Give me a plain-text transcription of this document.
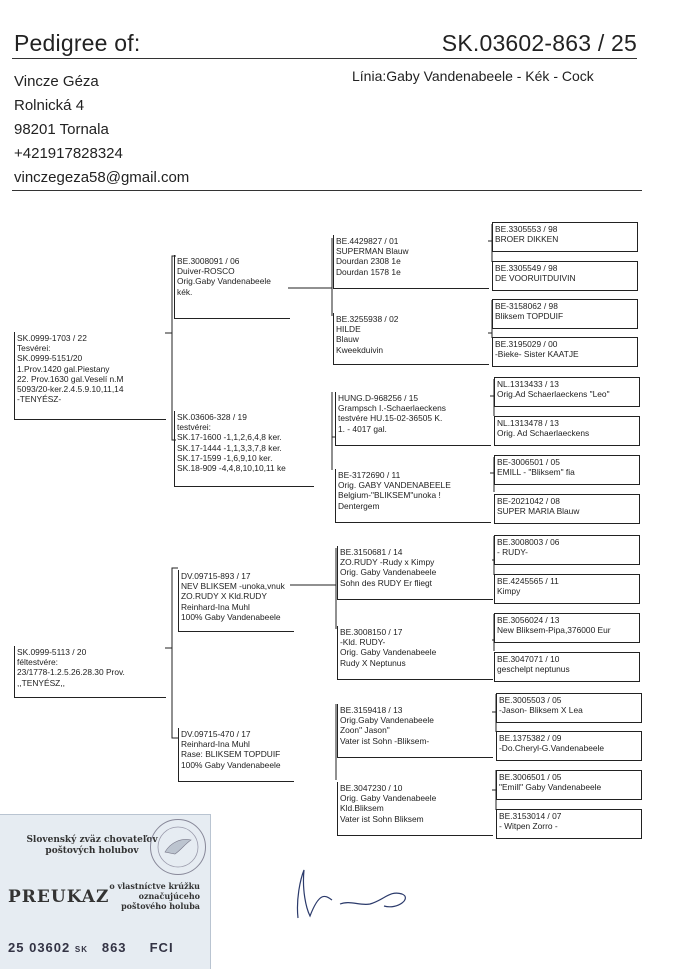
Pedigree of:	SK.03602-863 / 25
Vincze Géza
Rolnická 4
98201 Tornala
+421917828324
vinczegeza58@gmail.com
Línia:Gaby Vandenabeele - Kék - Cock
SK.0999-1703 / 22
Tesvérei:
SK.0999-5151/20
1.Prov.1420 gal.Piestany
22. Prov.1630 gal.Veselí n.M
5093/20-ker.2.4.5.9.10,11,14
-TENYÉSZ-
SK.0999-5113 / 20
féltestvére:
23/1778-1.2.5.26.28.30 Prov.
,,TENYÉSZ,,
BE.3008091 / 06
Duiver-ROSCO
Orig.Gaby Vandenabeele
kék.
SK.03606-328 / 19
testvérei:
SK.17-1600 -1,1,2,6,4,8 ker.
SK.17-1444 -1,1,3,3,7,8 ker.
SK.17-1599 -1,6,9,10 ker.
SK.18-909 -4,4,8,10,10,11 ke
DV.09715-893 / 17
NEV BLIKSEM -unoka,vnuk
ZO.RUDY X Kld.RUDY
Reinhard-Ina Muhl
100% Gaby Vandenabeele
DV.09715-470 / 17
Reinhard-Ina Muhl
Rase: BLIKSEM TOPDUIF
100% Gaby Vandenabeele
BE.4429827 / 01
SUPERMAN Blauw
Dourdan 2308 1e
Dourdan 1578 1e
BE.3255938 / 02
HILDE
Blauw
Kweekduivin
HUNG.D-968256 / 15
Grampsch I.-Schaerlaeckens
testvére HU.15-02-36505 K.
1. - 4017 gal.
BE-3172690 / 11
Orig. GABY VANDENABEELE
Belgium-"BLIKSEM"unoka !
Dentergem
BE.3150681 / 14
ZO.RUDY -Rudy x Kimpy
Orig. Gaby Vandenabeele
Sohn des RUDY Er fliegt
BE.3008150 / 17
-Kld. RUDY-
Orig. Gaby Vandenabeele
Rudy X Neptunus
BE.3159418 / 13
Orig.Gaby Vandenabeele
Zoon" Jason"
Vater ist Sohn -Bliksem-
BE.3047230 / 10
Orig. Gaby Vandenabeele
Kld.Bliksem
Vater ist Sohn Bliksem
BE.3305553 / 98
BROER DIKKEN
BE.3305549 / 98
DE VOORUITDUIVIN
BE-3158062 / 98
Bliksem TOPDUIF
BE.3195029 / 00
-Bieke- Sister KAATJE
NL.1313433 / 13
Orig.Ad Schaerlaeckens "Leo"
NL.1313478 / 13
Orig. Ad Schaerlaeckens
BE-3006501 / 05
EMILL - "Bliksem" fia
BE-2021042 / 08
SUPER MARIA Blauw
BE.3008003 / 06
- RUDY-
BE.4245565 / 11
Kimpy
BE.3056024 / 13
New Bliksem-Pipa,376000 Eur
BE.3047071 / 10
geschelpt neptunus
BE.3005503 / 05
-Jason- Bliksem X Lea
BE.1375382 / 09
-Do.Cheryl-G.Vandenabeele
BE.3006501 / 05
"Emill" Gaby Vandenabeele
BE.3153014 / 07
- Witpen Zorro -
Slovenský zväz chovateľov poštových holubov
PREUKAZ
o vlastníctve krúžku označujúceho poštového holuba
25 03602 SK 863 FCI
